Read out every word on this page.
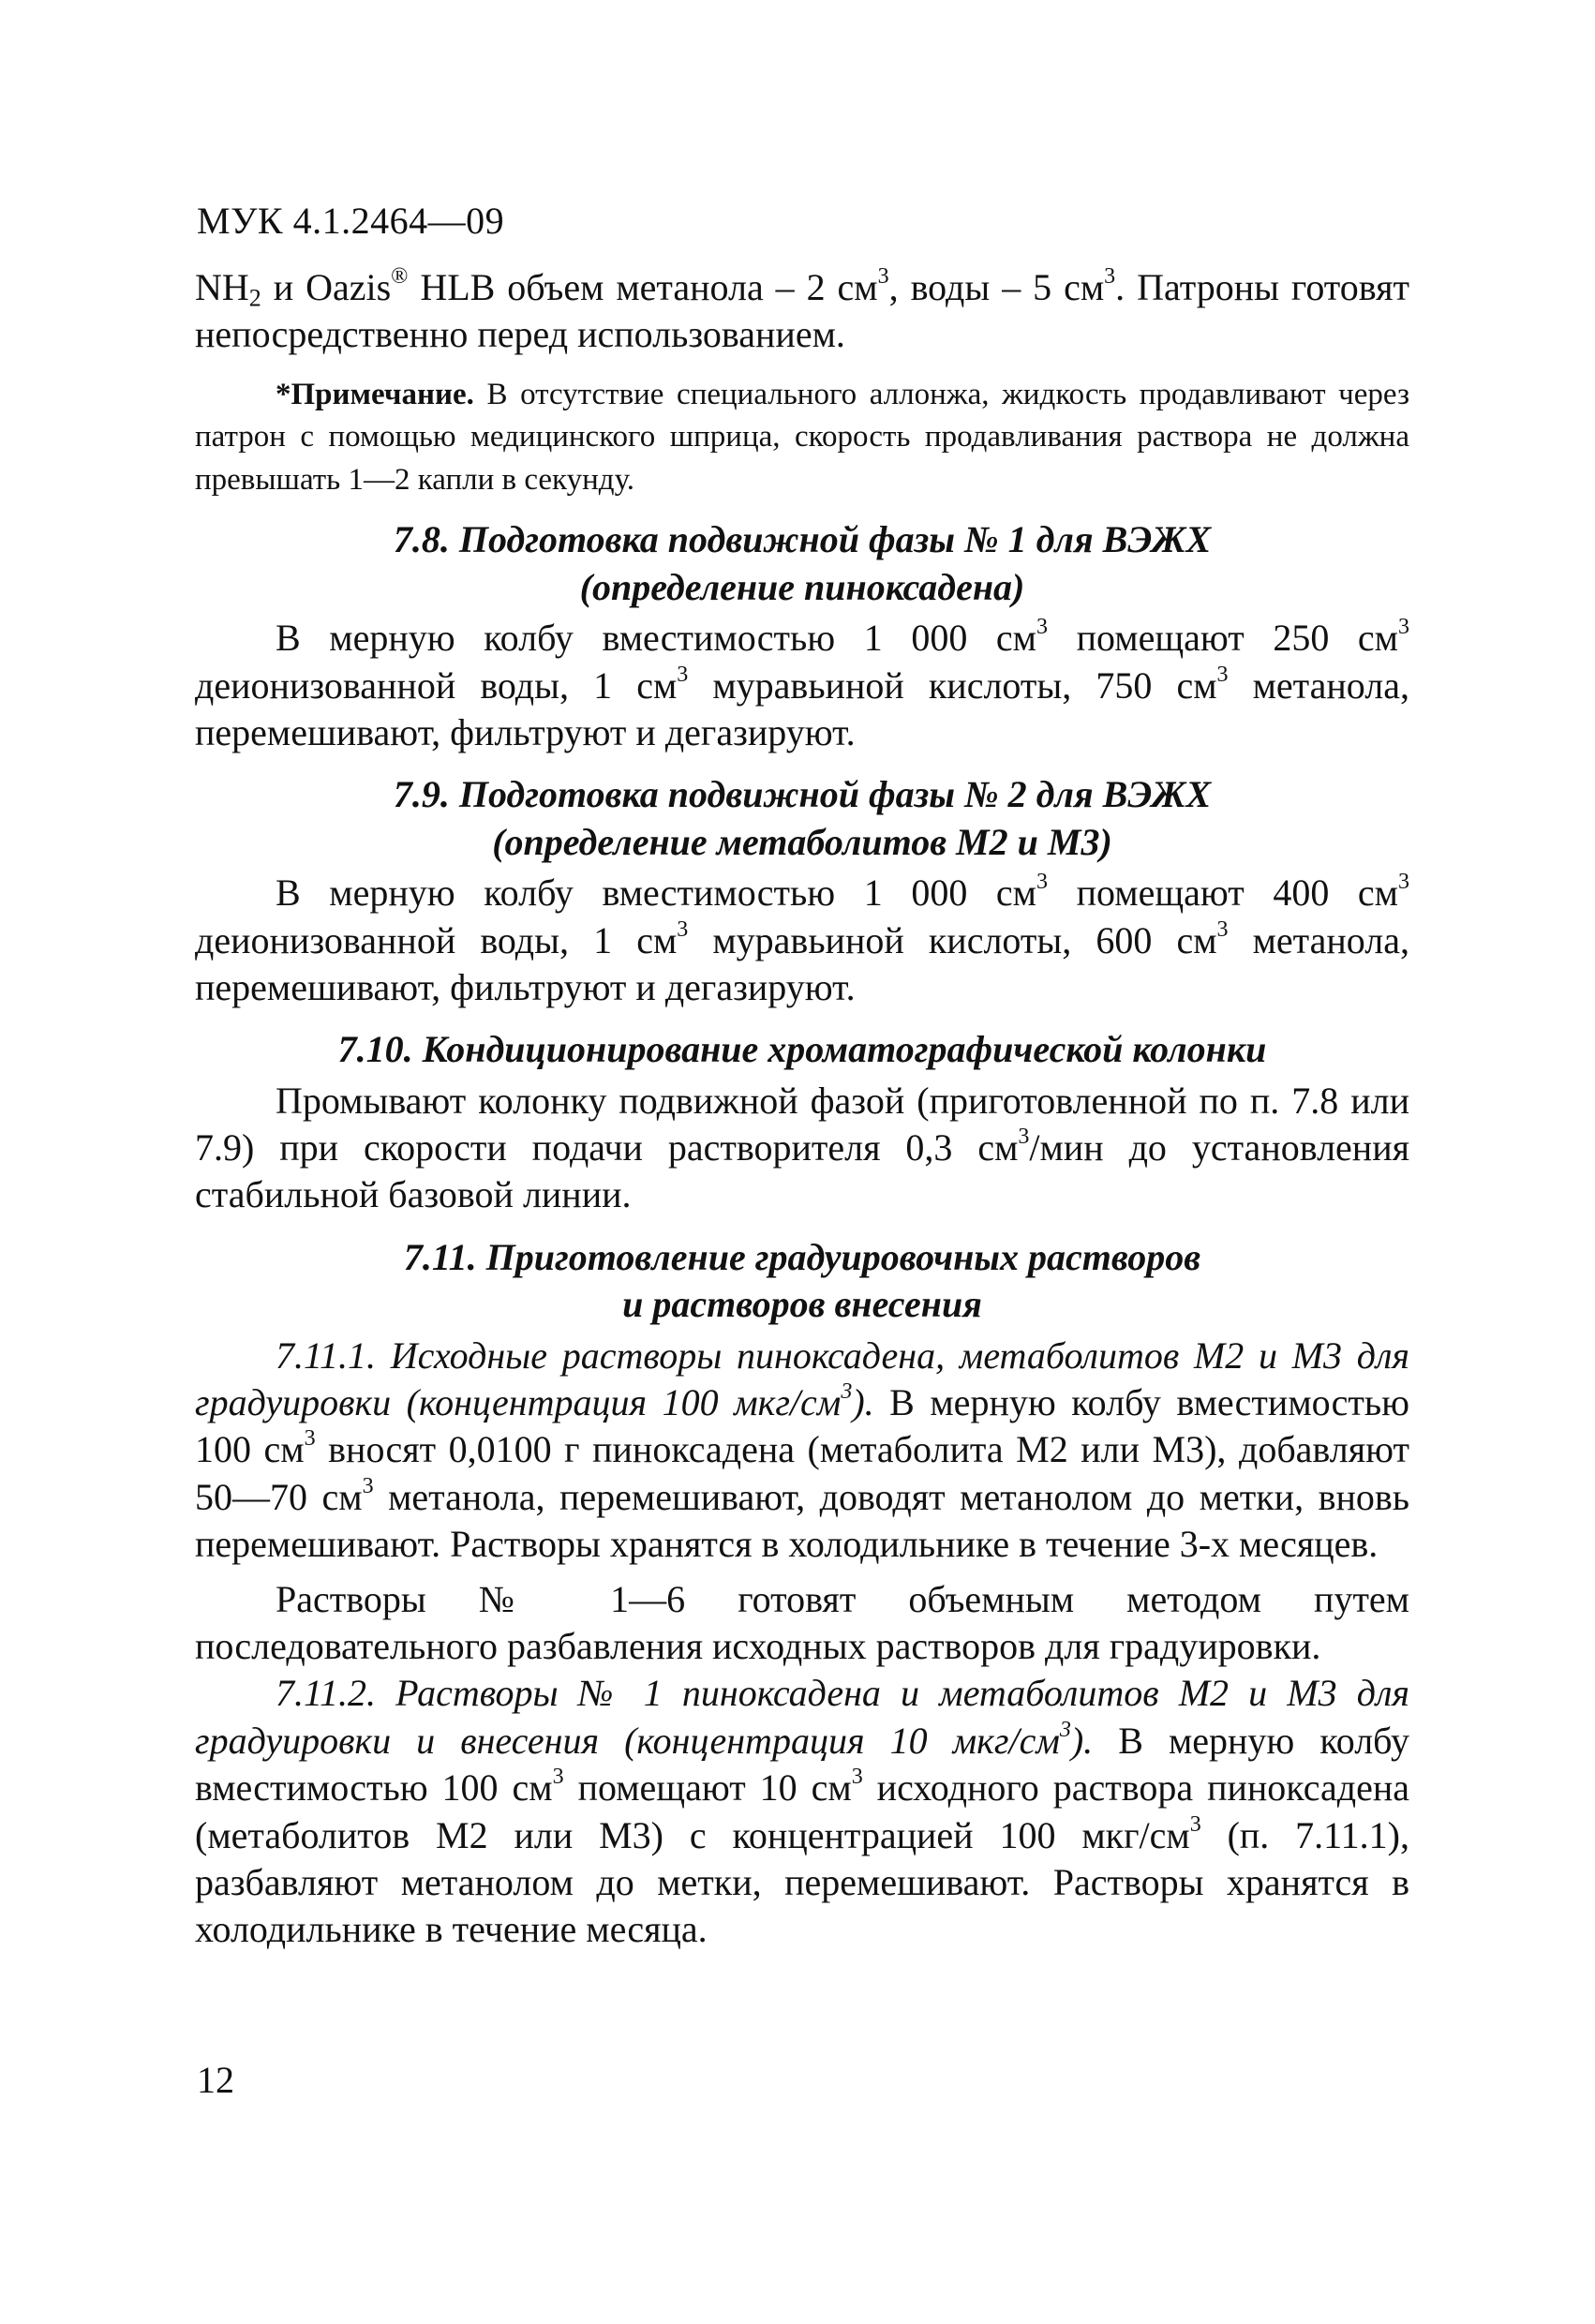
МУК 4.1.2464—09

$NH_2$ и Oazis® HLB объем метанола – 2 $см^3$, воды – 5 $см^3$. Патроны готовят непосредственно перед использованием.

*Примечание. В отсутствие специального аллонжа, жидкость продавливают через патрон с помощью медицинского шприца, скорость продавливания раствора не должна превышать 1—2 капли в секунду.

7.8. Подготовка подвижной фазы № 1 для ВЭЖХ
(определение пиноксадена)

В мерную колбу вместимостью 1 000 $см^3$ помещают 250 $см^3$ деионизованной воды, 1 $см^3$ муравьиной кислоты, 750 $см^3$ метанола, перемешивают, фильтруют и дегазируют.

7.9. Подготовка подвижной фазы № 2 для ВЭЖХ
(определение метаболитов М2 и М3)

В мерную колбу вместимостью 1 000 $см^3$ помещают 400 $см^3$ деионизованной воды, 1 $см^3$ муравьиной кислоты, 600 $см^3$ метанола, перемешивают, фильтруют и дегазируют.

7.10. Кондиционирование хроматографической колонки

Промывают колонку подвижной фазой (приготовленной по п. 7.8 или 7.9) при скорости подачи растворителя 0,3 $см^3$/мин до установления стабильной базовой линии.

7.11. Приготовление градуировочных растворов
и растворов внесения

7.11.1. Исходные растворы пиноксадена, метаболитов М2 и М3 для градуировки (концентрация 100 мкг/$см^3$). В мерную колбу вместимостью 100 $см^3$ вносят 0,0100 г пиноксадена (метаболита М2 или М3), добавляют 50—70 $см^3$ метанола, перемешивают, доводят метанолом до метки, вновь перемешивают. Растворы хранятся в холодильнике в течение 3-х месяцев.

Растворы № 1—6 готовят объемным методом путем последовательного разбавления исходных растворов для градуировки.

7.11.2. Растворы № 1 пиноксадена и метаболитов М2 и М3 для градуировки и внесения (концентрация 10 мкг/$см^3$). В мерную колбу вместимостью 100 $см^3$ помещают 10 $см^3$ исходного раствора пиноксадена (метаболитов М2 или М3) с концентрацией 100 мкг/$см^3$ (п. 7.11.1), разбавляют метанолом до метки, перемешивают. Растворы хранятся в холодильнике в течение месяца.

12
